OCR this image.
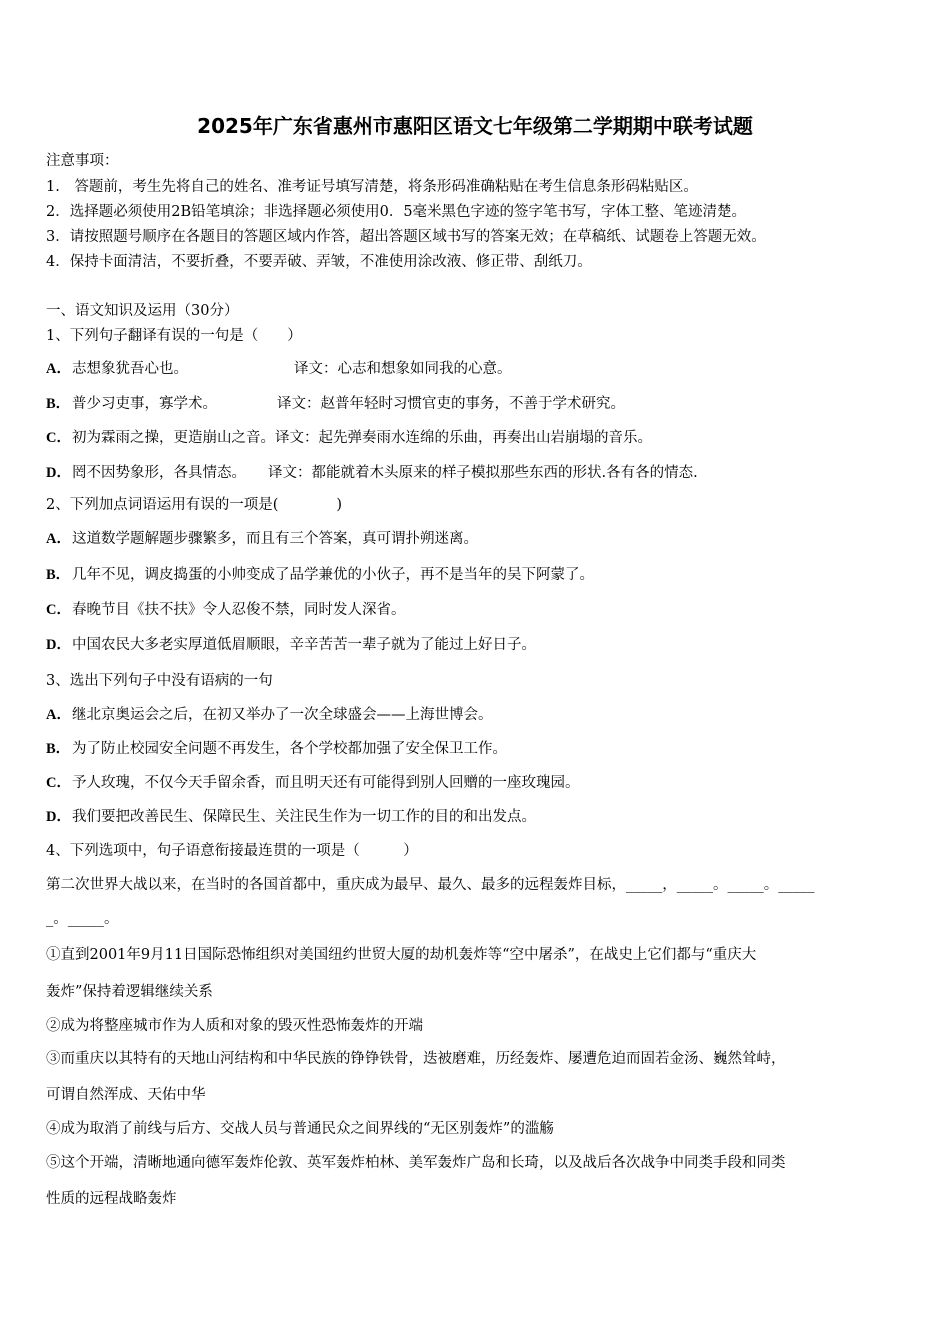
2025年广东省惠州市惠阳区语文七年级第二学期期中联考试题
注意事项：
1.　答题前，考生先将自己的姓名、准考证号填写清楚，将条形码准确粘贴在考生信息条形码粘贴区。
2．选择题必须使用2B铅笔填涂；非选择题必须使用0．5毫米黑色字迹的签字笔书写，字体工整、笔迹清楚。
3．请按照题号顺序在各题目的答题区域内作答，超出答题区域书写的答案无效；在草稿纸、试题卷上答题无效。
4．保持卡面清洁，不要折叠，不要弄破、弄皱，不准使用涂改液、修正带、刮纸刀。
一、语文知识及运用（30分）
1、下列句子翻译有误的一句是（　　）
A．志想象犹吾心也。	译文：心志和想象如同我的心意。
B． 普少习吏事，寡学术。	译文：赵普年轻时习惯官吏的事务，不善于学术研究。
C．初为霖雨之操，更造崩山之音。译文：起先弹奏雨水连绵的乐曲，再奏出山岩崩塌的音乐。
D．罔不因势象形，各具情态。 译文：都能就着木头原来的样子模拟那些东西的形状.各有各的情态.
2、下列加点词语运用有误的一项是(　　　　)
A．这道数学题解题步骤繁多，而且有三个答案，真可谓扑朔迷离。
B． 几年不见，调皮捣蛋的小帅变成了品学兼优的小伙子，再不是当年的吴下阿蒙了。
C．春晚节目《扶不扶》令人忍俊不禁，同时发人深省。
D．中国农民大多老实厚道低眉顺眼，辛辛苦苦一辈子就为了能过上好日子。
3、选出下列句子中没有语病的一句
A．继北京奥运会之后，在初又举办了一次全球盛会——上海世博会。
B． 为了防止校园安全问题不再发生，各个学校都加强了安全保卫工作。
C．予人玫瑰，不仅今天手留余香，而且明天还有可能得到别人回赠的一座玫瑰园。
D．我们要把改善民生、保障民生、关注民生作为一切工作的目的和出发点。
4、下列选项中，句子语意衔接最连贯的一项是（　　　）
第二次世界大战以来，在当时的各国首都中，重庆成为最早、最久、最多的远程轰炸目标，_____，_____。_____。_____
_。_____。
①直到2001年9月11日国际恐怖组织对美国纽约世贸大厦的劫机轰炸等“空中屠杀”，在战史上它们都与“重庆大
轰炸”保持着逻辑继续关系
②成为将整座城市作为人质和对象的毁灭性恐怖轰炸的开端
③而重庆以其特有的天地山河结构和中华民族的铮铮铁骨，迭被磨难，历经轰炸、屡遭危迫而固若金汤、巍然耸峙，
可谓自然浑成、天佑中华
④成为取消了前线与后方、交战人员与普通民众之间界线的“无区别轰炸”的滥觞
⑤这个开端，清晰地通向德军轰炸伦敦、英军轰炸柏林、美军轰炸广岛和长琦，以及战后各次战争中同类手段和同类
性质的远程战略轰炸
